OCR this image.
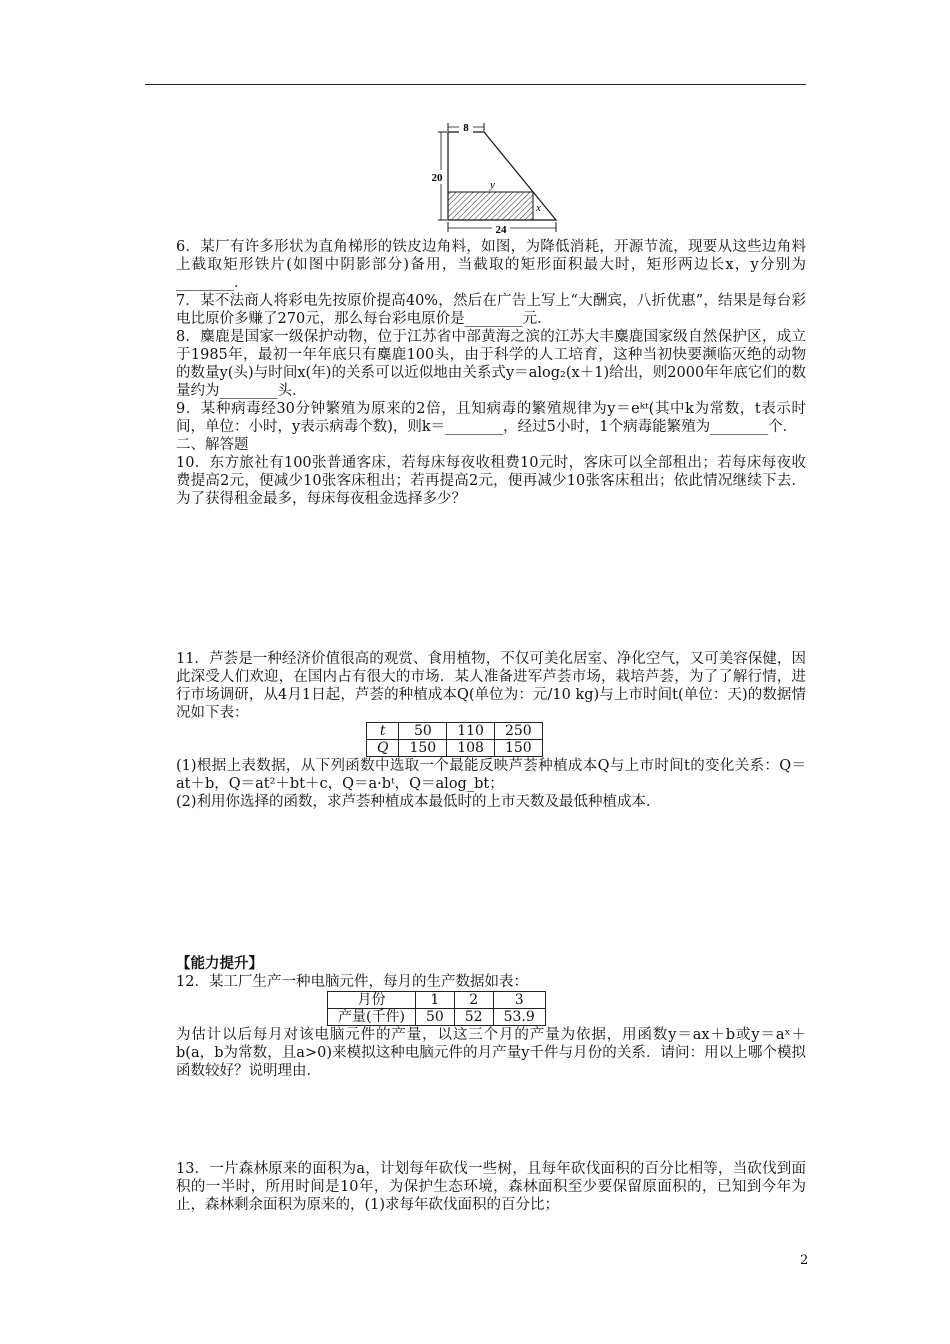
8
20
24
y
x

6．某厂有许多形状为直角梯形的铁皮边角料，如图，为降低消耗，开源节流，现要从这些边角料上截取矩形铁片(如图中阴影部分)备用，当截取的矩形面积最大时，矩形两边长x，y分别为________．

7．某不法商人将彩电先按原价提高40%，然后在广告上写上“大酬宾，八折优惠”，结果是每台彩电比原价多赚了270元，那么每台彩电原价是________元．

8．麋鹿是国家一级保护动物，位于江苏省中部黄海之滨的江苏大丰麋鹿国家级自然保护区，成立于1985年，最初一年年底只有麋鹿100头，由于科学的人工培育，这种当初快要濒临灭绝的动物的数量y(头)与时间x(年)的关系可以近似地由关系式y＝alog₂(x＋1)给出，则2000年年底它们的数量约为________头．

9．某种病毒经30分钟繁殖为原来的2倍，且知病毒的繁殖规律为y＝eᵏᵗ(其中k为常数，t表示时间，单位：小时，y表示病毒个数)，则k＝________，经过5小时，1个病毒能繁殖为________个．

二、解答题

10．东方旅社有100张普通客床，若每床每夜收租费10元时，客床可以全部租出；若每床每夜收费提高2元，便减少10张客床租出；若再提高2元，便再减少10张客床租出；依此情况继续下去．为了获得租金最多，每床每夜租金选择多少？

11．芦荟是一种经济价值很高的观赏、食用植物，不仅可美化居室、净化空气，又可美容保健，因此深受人们欢迎，在国内占有很大的市场．某人准备进军芦荟市场，栽培芦荟，为了了解行情，进行市场调研，从4月1日起，芦荟的种植成本Q(单位为：元/10 kg)与上市时间t(单位：天)的数据情况如下表：

t	50	110	250
Q	150	108	150

(1)根据上表数据，从下列函数中选取一个最能反映芦荟种植成本Q与上市时间t的变化关系：Q＝at＋b，Q＝at²＋bt＋c，Q＝a·bᵗ，Q＝alog_bt；

(2)利用你选择的函数，求芦荟种植成本最低时的上市天数及最低种植成本．

【能力提升】

12．某工厂生产一种电脑元件，每月的生产数据如表：

月份	1	2	3
产量(千件)	50	52	53.9

为估计以后每月对该电脑元件的产量，以这三个月的产量为依据，用函数y＝ax＋b或y＝aˣ＋b(a，b为常数，且a>0)来模拟这种电脑元件的月产量y千件与月份的关系．请问：用以上哪个模拟函数较好？说明理由．

13．一片森林原来的面积为a，计划每年砍伐一些树，且每年砍伐面积的百分比相等，当砍伐到面积的一半时，所用时间是10年，为保护生态环境，森林面积至少要保留原面积的，已知到今年为止，森林剩余面积为原来的，(1)求每年砍伐面积的百分比；

2
